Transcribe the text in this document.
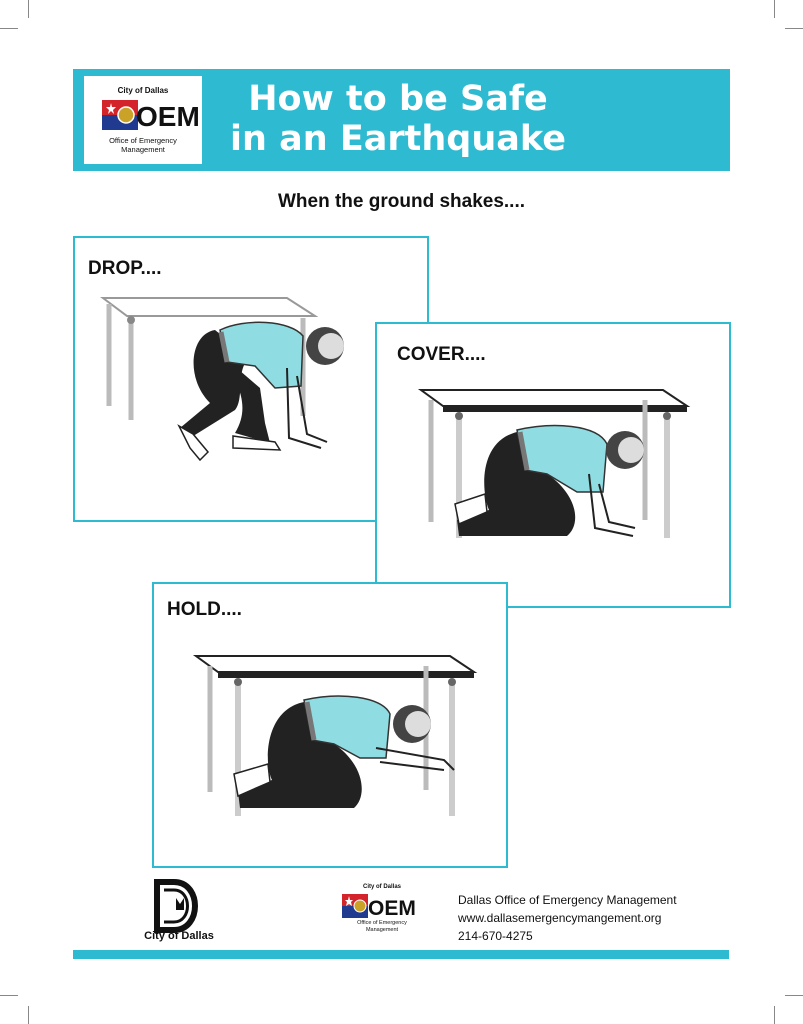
City of Dallas
OEM
Office of Emergency
Management
How to be Safe
in an Earthquake
When the ground shakes....
DROP....
COVER....
HOLD....
City of Dallas
City of Dallas
OEM
Office of Emergency
Management
Dallas Office of Emergency Management
www.dallasemergencymangement.org
214-670-4275
